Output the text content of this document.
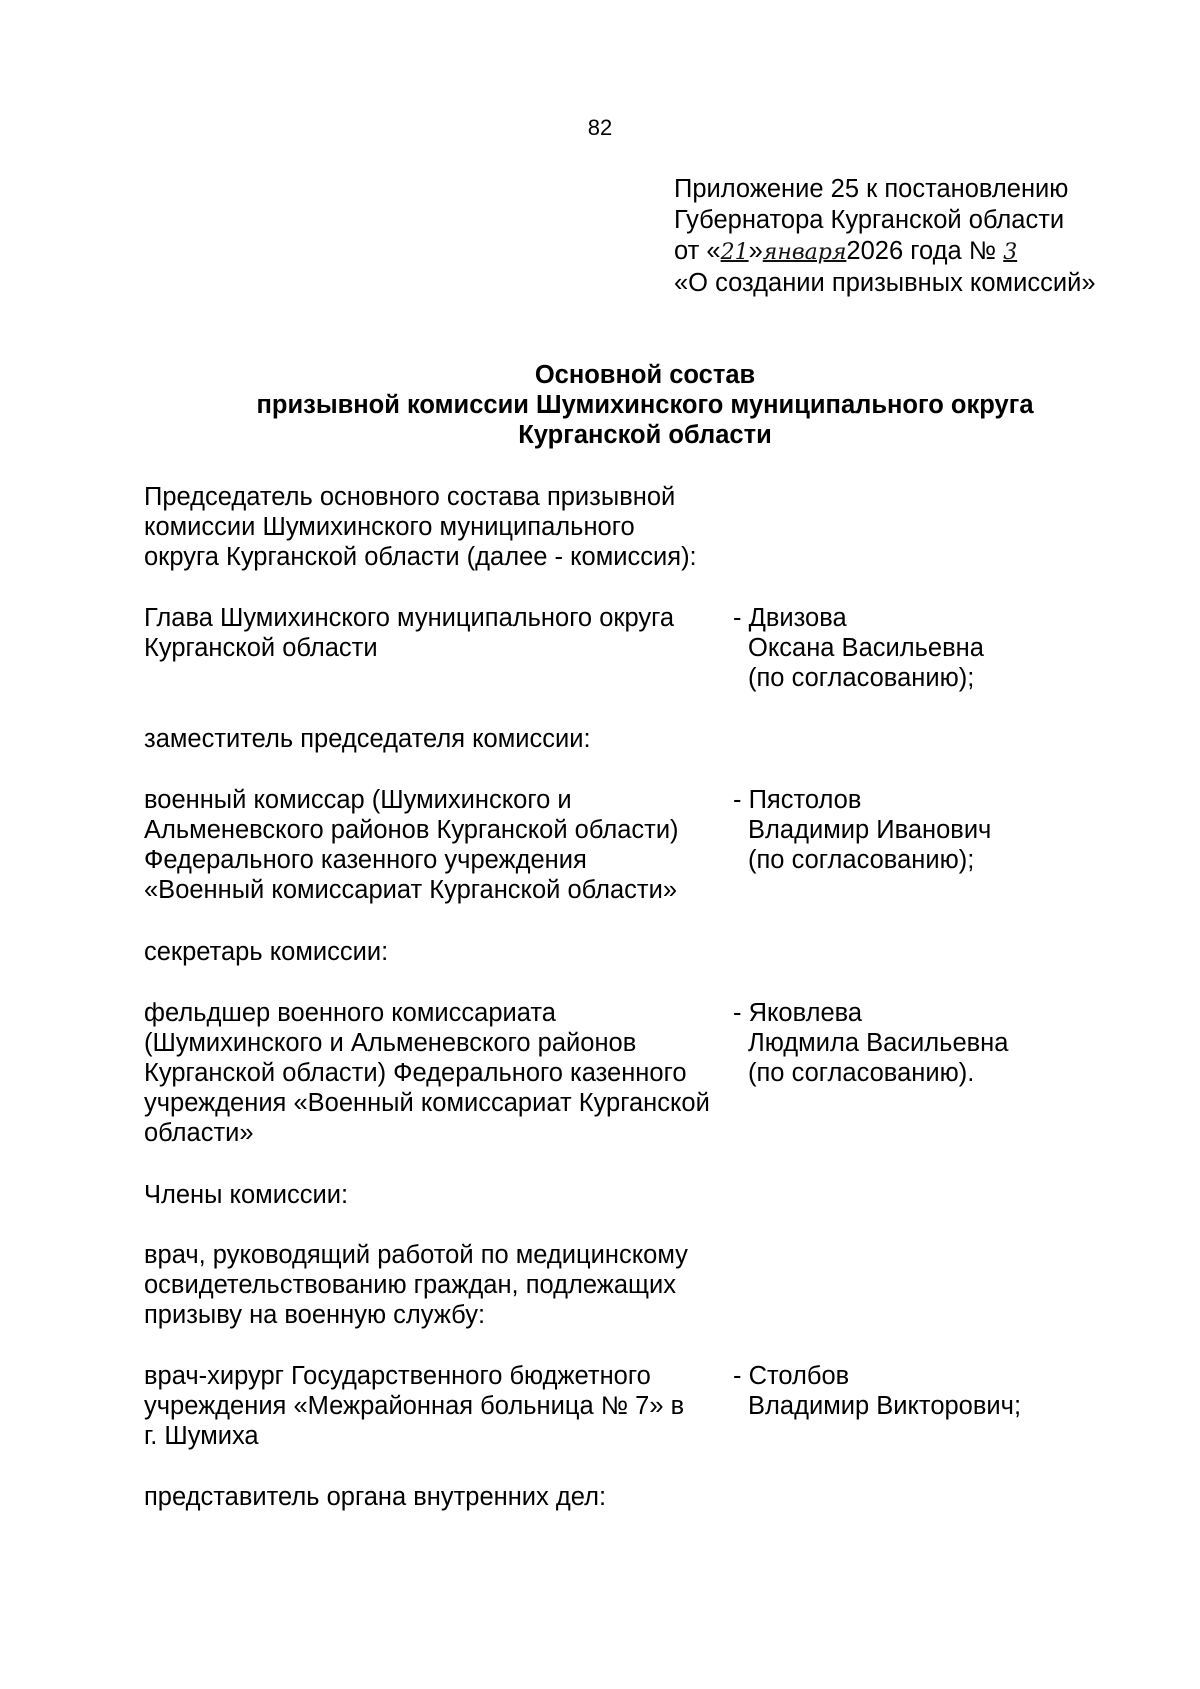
82
Приложение 25 к постановлению
Губернатора Курганской области
от «21»января2026 года № 3
«О создании призывных комиссий»
Основной состав
призывной комиссии Шумихинского муниципального округа
Курганской области
Председатель основного состава призывной
комиссии Шумихинского муниципального
округа Курганской области (далее - комиссия):
Глава Шумихинского муниципального округа
Курганской области
- Двизова
Оксана Васильевна
(по согласованию);
заместитель председателя комиссии:
военный комиссар (Шумихинского и
Альменевского районов Курганской области)
Федерального казенного учреждения
«Военный комиссариат Курганской области»
- Пястолов
Владимир Иванович
(по согласованию);
секретарь комиссии:
фельдшер военного комиссариата
(Шумихинского и Альменевского районов
Курганской области) Федерального казенного
учреждения «Военный комиссариат Курганской
области»
- Яковлева
Людмила Васильевна
(по согласованию).
Члены комиссии:
врач, руководящий работой по медицинскому
освидетельствованию граждан, подлежащих
призыву на военную службу:
врач-хирург Государственного бюджетного
учреждения «Межрайонная больница № 7» в
г. Шумиха
- Столбов
Владимир Викторович;
представитель органа внутренних дел:
